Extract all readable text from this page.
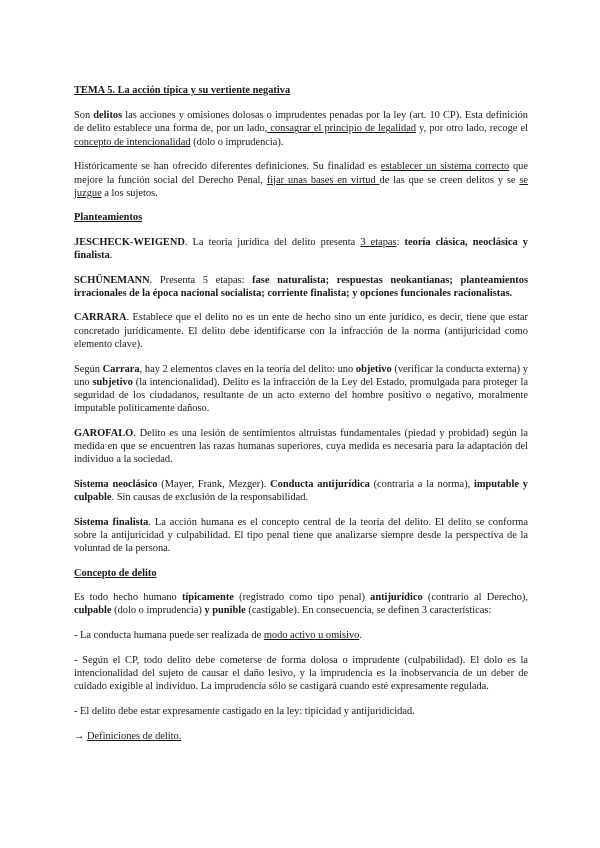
TEMA 5. La acción típica y su vertiente negativa

Son delitos las acciones y omisiones dolosas o imprudentes penadas por la ley (art. 10 CP). Esta definición de delito establece una forma de, por un lado, consagrar el principio de legalidad y, por otro lado, recoge el concepto de intencionalidad (dolo o imprudencia).

Históricamente se han ofrecido diferentes definiciones. Su finalidad es establecer un sistema correcto que mejore la función social del Derecho Penal, fijar unas bases en virtud de las que se creen delitos y se se juzgue a los sujetos.

Planteamientos

JESCHECK-WEIGEND. La teoría jurídica del delito presenta 3 etapas: teoría clásica, neoclásica y finalista.

SCHÜNEMANN. Presenta 5 etapas: fase naturalista; respuestas neokantianas; planteamientos irracionales de la época nacional socialista; corriente finalista; y opciones funcionales racionalistas.

CARRARA. Establece que el delito no es un ente de hecho sino un ente jurídico, es decir, tiene que estar concretado jurídicamente. El delito debe identificarse con la infracción de la norma (antijuricidad como elemento clave).

Según Carrara, hay 2 elementos claves en la teoría del delito: uno objetivo (verificar la conducta externa) y uno subjetivo (la intencionalidad). Delito es la infracción de la Ley del Estado, promulgada para proteger la seguridad de los ciudadanos, resultante de un acto externo del hombre positivo o negativo, moralmente imputable políticamente dañoso.

GAROFALO. Delito es una lesión de sentimientos altruistas fundamentales (piedad y probidad) según la medida en que se encuentren las razas humanas superiores, cuya medida es necesaria para la adaptación del individuo a la sociedad.

Sistema neoclásico (Mayer, Frank, Mezger). Conducta antijurídica (contraria a la norma), imputable y culpable. Sin causas de exclusión de la responsabilidad.

Sistema finalista. La acción humana es el concepto central de la teoría del delito. El delito se conforma sobre la antijuricidad y culpabilidad. El tipo penal tiene que analizarse siempre desde la perspectiva de la voluntad de la persona.

Concepto de delito

Es todo hecho humano típicamente (registrado como tipo penal) antijurídico (contrario al Derecho), culpable (dolo o imprudencia) y punible (castigable). En consecuencia, se definen 3 características:

- La conducta humana puede ser realizada de modo activo u omisivo.

- Según el CP, todo delito debe cometerse de forma dolosa o imprudente (culpabilidad). El dolo es la intencionalidad del sujeto de causar el daño lesivo, y la imprudencia es la inobservancia de un deber de cuidado exigible al individuo. La imprudencia sólo se castigará cuando esté expresamente regulada.

- El delito debe estar expresamente castigado en la ley: tipicidad y antijuridicidad.

→ Definiciones de delito.
